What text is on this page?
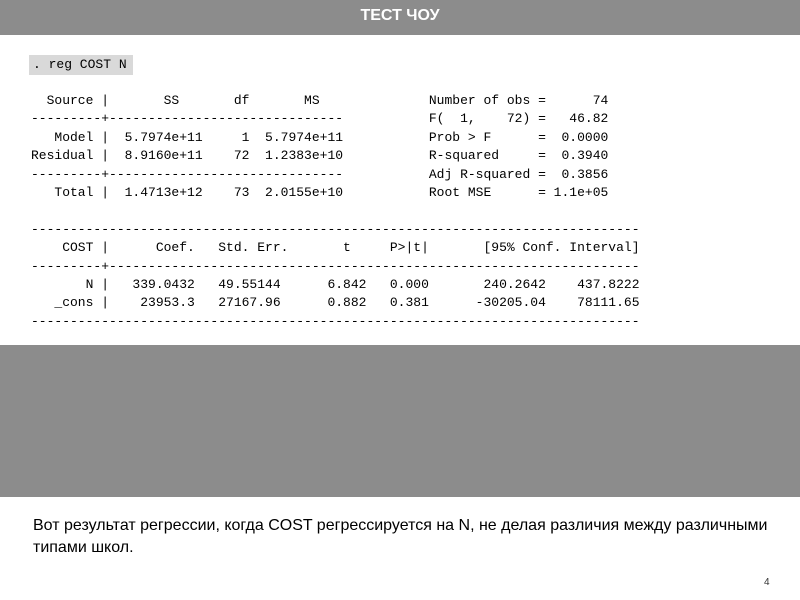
ТЕСТ ЧОУ
. reg COST N
Source |       SS       df       MS              Number of obs =      74
---------+------------------------------           F(  1,    72) =   46.82
Model |  5.7974e+11     1  5.7974e+11           Prob > F      =  0.0000
Residual |  8.9160e+11    72  1.2383e+10           R-squared     =  0.3940
---------+------------------------------           Adj R-squared =  0.3856
Total |  1.4713e+12    73  2.0155e+10           Root MSE      = 1.1e+05

------------------------------------------------------------------------------
COST |      Coef.   Std. Err.       t     P>|t|       [95% Conf. Interval]
---------+--------------------------------------------------------------------
N |   339.0432   49.55144      6.842   0.000       240.2642    437.8222
_cons |    23953.3   27167.96      0.882   0.381      -30205.04    78111.65
------------------------------------------------------------------------------
Вот результат регрессии, когда COST регрессируется на N, не делая различия между различными типами школ.
4
